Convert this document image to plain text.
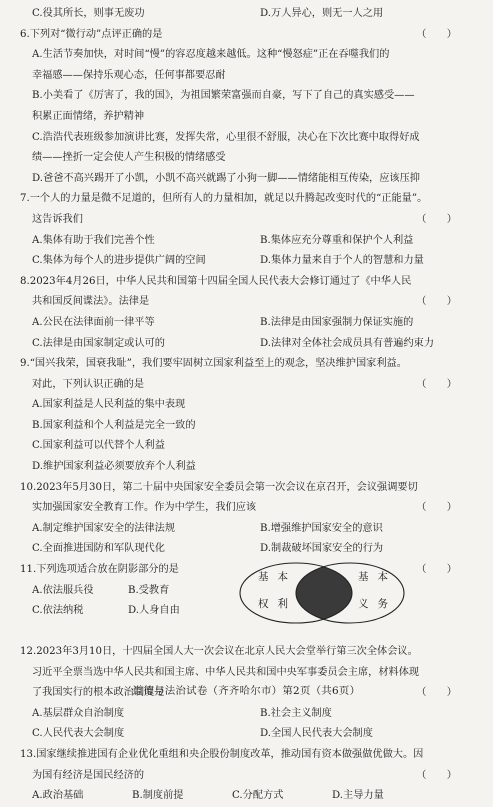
C.役其所长，则事无废功	D.万人异心，则无一人之用
6.下列对“微行动”点评正确的是	（　　）
A.生活节奏加快，对时间“慢”的容忍度越来越低。这种“慢怒症”正在吞噬我们的
幸福感——保持乐观心态，任何事都要忍耐
B.小美看了《厉害了，我的国》，为祖国繁荣富强而自豪，写下了自己的真实感受——
积累正面情绪，养护精神
C.浩浩代表班级参加演讲比赛，发挥失常，心里很不舒服，决心在下次比赛中取得好成
绩——挫折一定会使人产生积极的情绪感受
D.爸爸不高兴踢开了小凯，小凯不高兴就踢了小狗一脚——情绪能相互传染，应该压抑
7.一个人的力量是微不足道的，但所有人的力量相加，就足以升腾起改变时代的“正能量”。
这告诉我们	（　　）
A.集体有助于我们完善个性	B.集体应充分尊重和保护个人利益
C.集体为每个人的进步提供广阔的空间	D.集体力量来自于个人的智慧和力量
8.2023年4月26日，中华人民共和国第十四届全国人民代表大会修订通过了《中华人民
共和国反间谍法》。法律是	（　　）
A.公民在法律面前一律平等	B.法律是由国家强制力保证实施的
C.法律是由国家制定或认可的	D.法律对全体社会成员具有普遍约束力
9.“国兴我荣，国衰我耻”，我们要牢固树立国家利益至上的观念，坚决维护国家利益。
对此，下列认识正确的是	（　　）
A.国家利益是人民利益的集中表现
B.国家利益和个人利益是完全一致的
C.国家利益可以代替个人利益
D.维护国家利益必须要放弃个人利益
10.2023年5月30日，第二十届中央国家安全委员会第一次会议在京召开，会议强调要切
实加强国家安全教育工作。作为中学生，我们应该	（　　）
A.制定维护国家安全的法律法规	B.增强维护国家安全的意识
C.全面推进国防和军队现代化	D.制裁破坏国家安全的行为
11.下列选项适合放在阴影部分的是
A.依法服兵役	B.受教育
C.依法纳税	D.人身自由
基本
权利
基本
义务
（　　）
12.2023年3月10日，十四届全国人大一次会议在北京人民大会堂举行第三次全体会议。
习近平全票当选中华人民共和国主席、中华人民共和国中央军事委员会主席，材料体现
了我国实行的根本政治制度是	（　　）
A.基层群众自治制度	B.社会主义制度
C.人民代表大会制度	D.全国人民代表大会制度
13.国家继续推进国有企业优化重组和央企股份制度改革，推动国有资本做强做优做大。因
为国有经济是国民经济的	（　　）
A.政治基础	B.制度前提	C.分配方式	D.主导力量
道德与法治试卷（齐齐哈尔市）第2页（共6页）
